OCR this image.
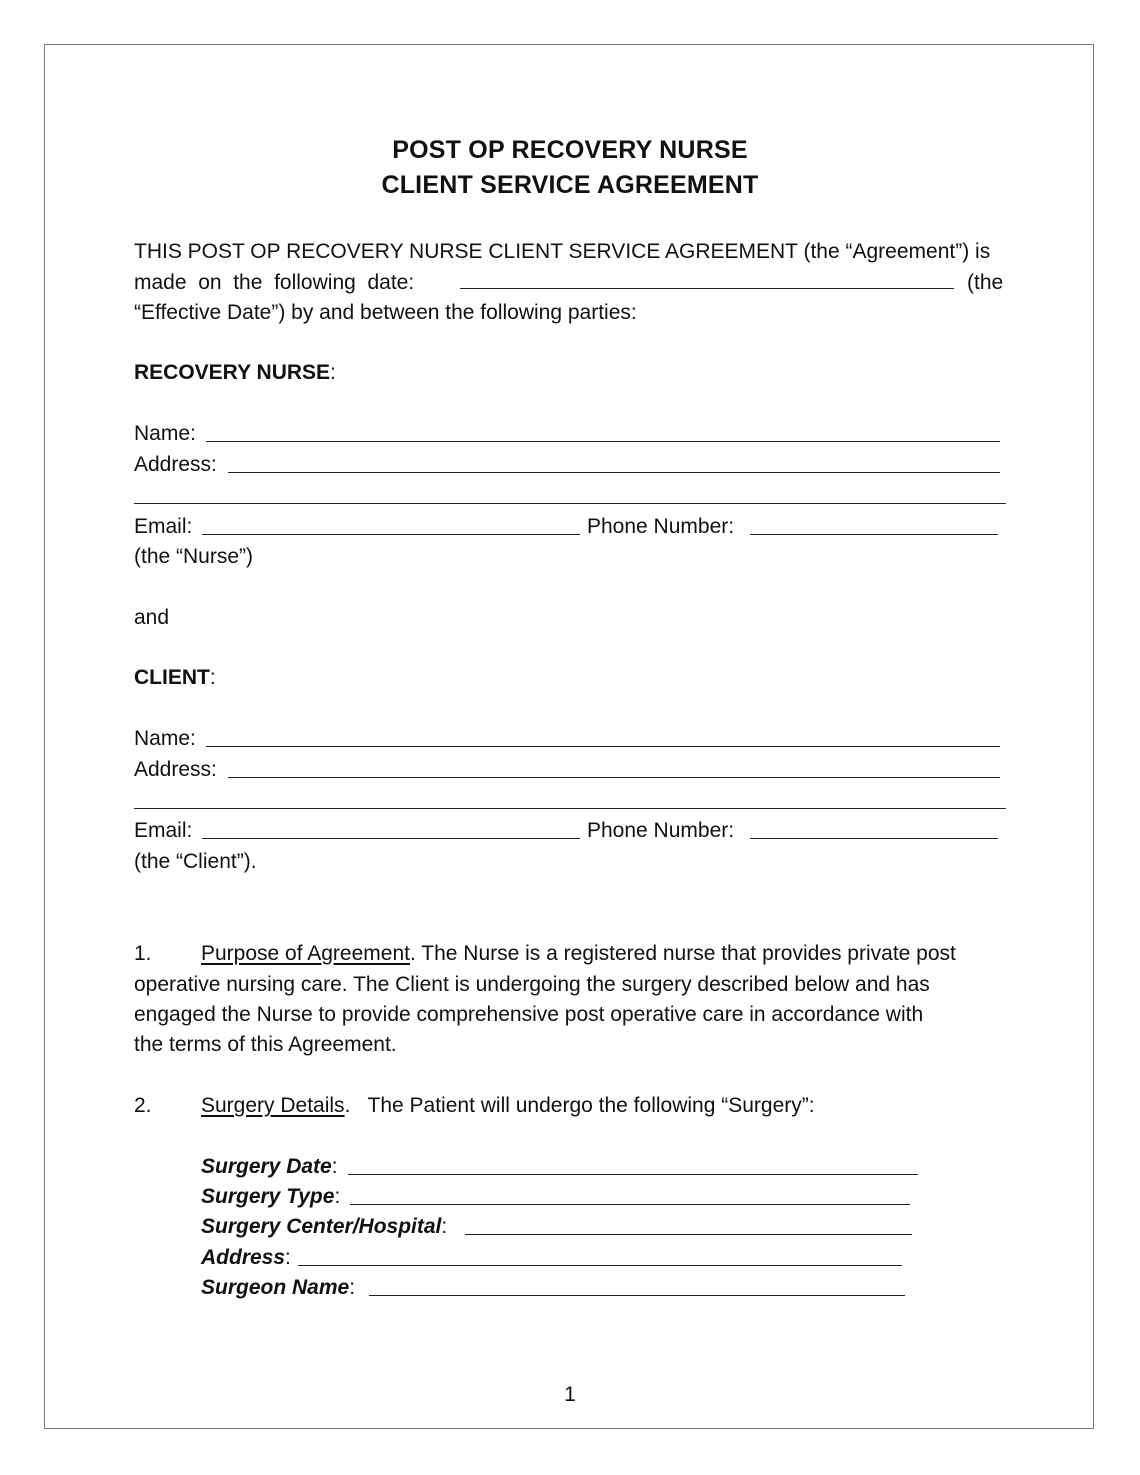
POST OP RECOVERY NURSE
CLIENT SERVICE AGREEMENT
THIS POST OP RECOVERY NURSE CLIENT SERVICE AGREEMENT (the “Agreement”) is
made  on  the  following  date:	(the
“Effective Date”) by and between the following parties:
RECOVERY NURSE:
Name:
Address:
Email:	Phone Number:
(the “Nurse”)
and
CLIENT:
Name:
Address:
Email:	Phone Number:
(the “Client”).
1. Purpose of Agreement. The Nurse is a registered nurse that provides private post
operative nursing care. The Client is undergoing the surgery described below and has
engaged the Nurse to provide comprehensive post operative care in accordance with
the terms of this Agreement.
2. Surgery Details.   The Patient will undergo the following “Surgery”:
Surgery Date:
Surgery Type:
Surgery Center/Hospital:
Address:
Surgeon Name:
1
